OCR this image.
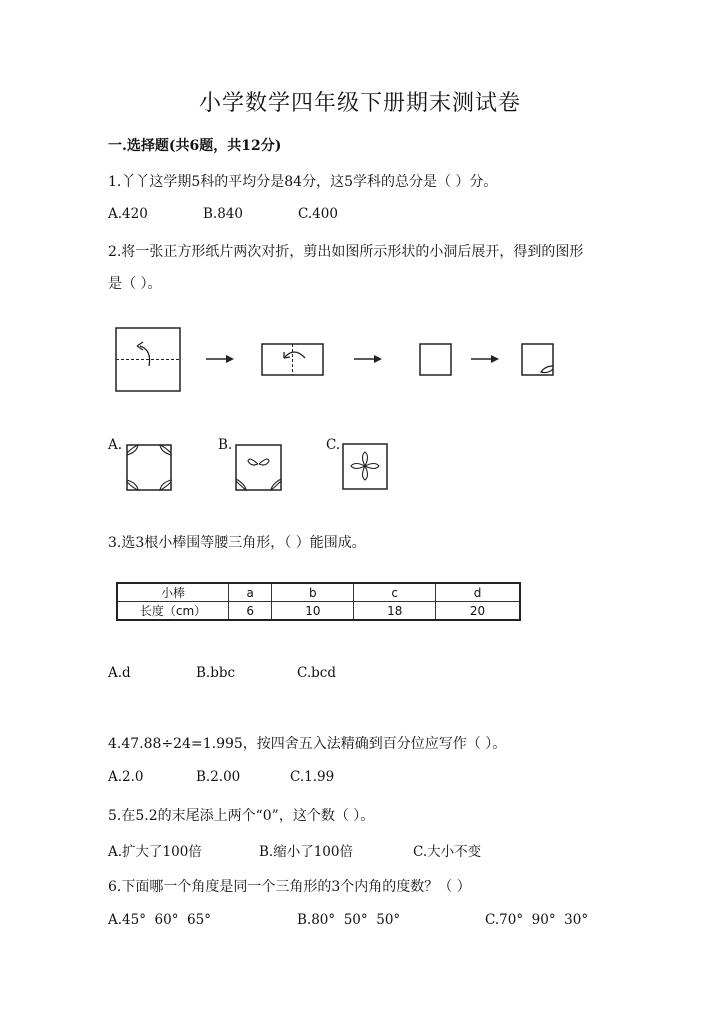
小学数学四年级下册期末测试卷
一.选择题(共6题，共12分)
1.丫丫这学期5科的平均分是84分，这5学科的总分是（ ）分。
A.420	B.840	C.400
2.将一张正方形纸片两次对折，剪出如图所示形状的小洞后展开，得到的图形
是（ ）。
A.	B.	C.
3.选3根小棒围等腰三角形，（ ）能围成。
小棒	a	b	c	d
长度（cm）	6	10	18	20
A.d	B.bbc	C.bcd
4.47.88÷24=1.995，按四舍五入法精确到百分位应写作（ ）。
A.2.0	B.2.00	C.1.99
5.在5.2的末尾添上两个“0”，这个数（ ）。
A.扩大了100倍	B.缩小了100倍	C.大小不变
6.下面哪一个角度是同一个三角形的3个内角的度数？（ ）
A.45°  60°  65°	B.80°  50°  50°	C.70°  90°  30°
